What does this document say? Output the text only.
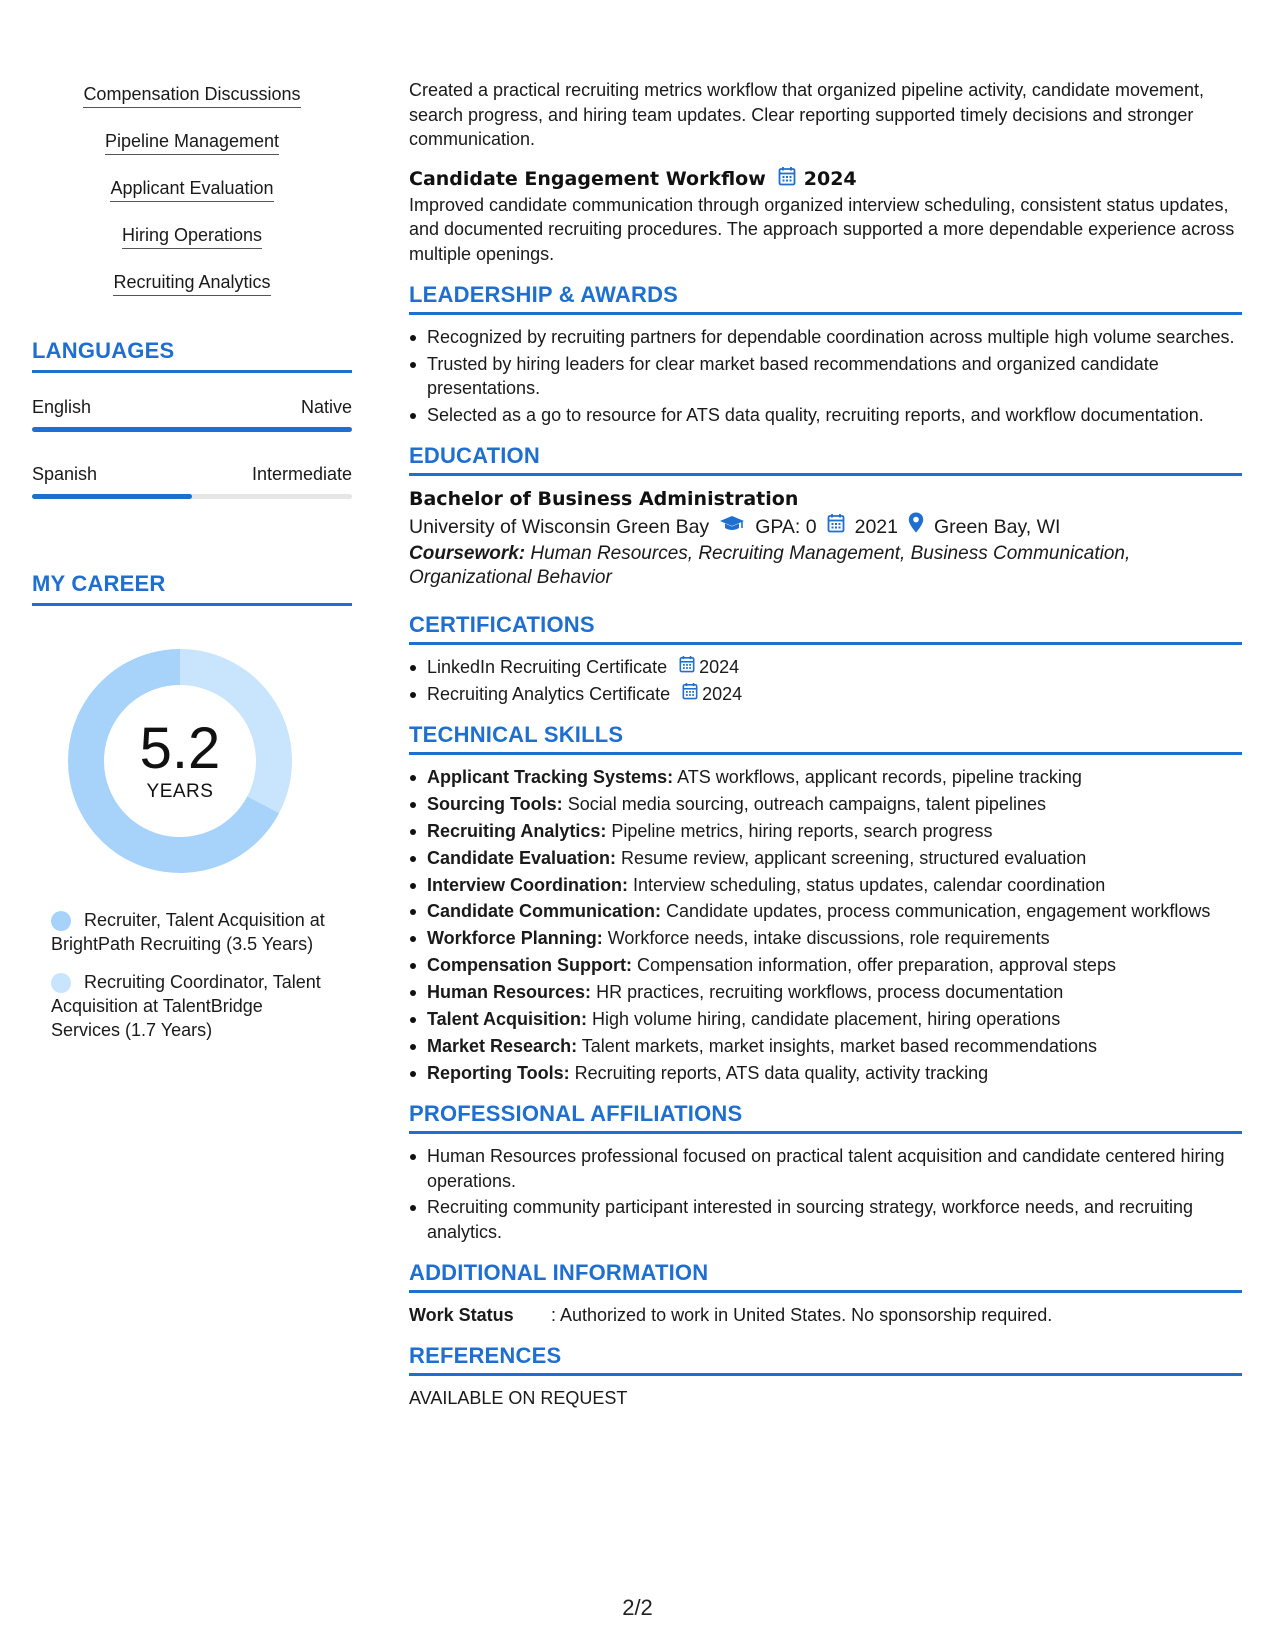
Compensation Discussions
Pipeline Management
Applicant Evaluation
Hiring Operations
Recruiting Analytics
LANGUAGES
English	Native
Spanish	Intermediate
MY CAREER
5.2
YEARS
Recruiter, Talent Acquisition at BrightPath Recruiting (3.5 Years)
Recruiting Coordinator, Talent Acquisition at TalentBridge Services (1.7 Years)

Created a practical recruiting metrics workflow that organized pipeline activity, candidate movement, search progress, and hiring team updates. Clear reporting supported timely decisions and stronger communication.

Candidate Engagement Workflow 2024

Improved candidate communication through organized interview scheduling, consistent status updates, and documented recruiting procedures. The approach supported a more dependable experience across multiple openings.

LEADERSHIP & AWARDS
Recognized by recruiting partners for dependable coordination across multiple high volume searches.
Trusted by hiring leaders for clear market based recommendations and organized candidate presentations.
Selected as a go to resource for ATS data quality, recruiting reports, and workflow documentation.
EDUCATION
Bachelor of Business Administration
University of Wisconsin Green Bay GPA: 0 2021 Green Bay, WI
Coursework: Human Resources, Recruiting Management, Business Communication, Organizational Behavior
CERTIFICATIONS
LinkedIn Recruiting Certificate 2024
Recruiting Analytics Certificate 2024
TECHNICAL SKILLS
Applicant Tracking Systems: ATS workflows, applicant records, pipeline tracking
Sourcing Tools: Social media sourcing, outreach campaigns, talent pipelines
Recruiting Analytics: Pipeline metrics, hiring reports, search progress
Candidate Evaluation: Resume review, applicant screening, structured evaluation
Interview Coordination: Interview scheduling, status updates, calendar coordination
Candidate Communication: Candidate updates, process communication, engagement workflows
Workforce Planning: Workforce needs, intake discussions, role requirements
Compensation Support: Compensation information, offer preparation, approval steps
Human Resources: HR practices, recruiting workflows, process documentation
Talent Acquisition: High volume hiring, candidate placement, hiring operations
Market Research: Talent markets, market insights, market based recommendations
Reporting Tools: Recruiting reports, ATS data quality, activity tracking
PROFESSIONAL AFFILIATIONS
Human Resources professional focused on practical talent acquisition and candidate centered hiring operations.
Recruiting community participant interested in sourcing strategy, workforce needs, and recruiting analytics.
ADDITIONAL INFORMATION
Work Status	: Authorized to work in United States. No sponsorship required.
REFERENCES
AVAILABLE ON REQUEST
2/2
